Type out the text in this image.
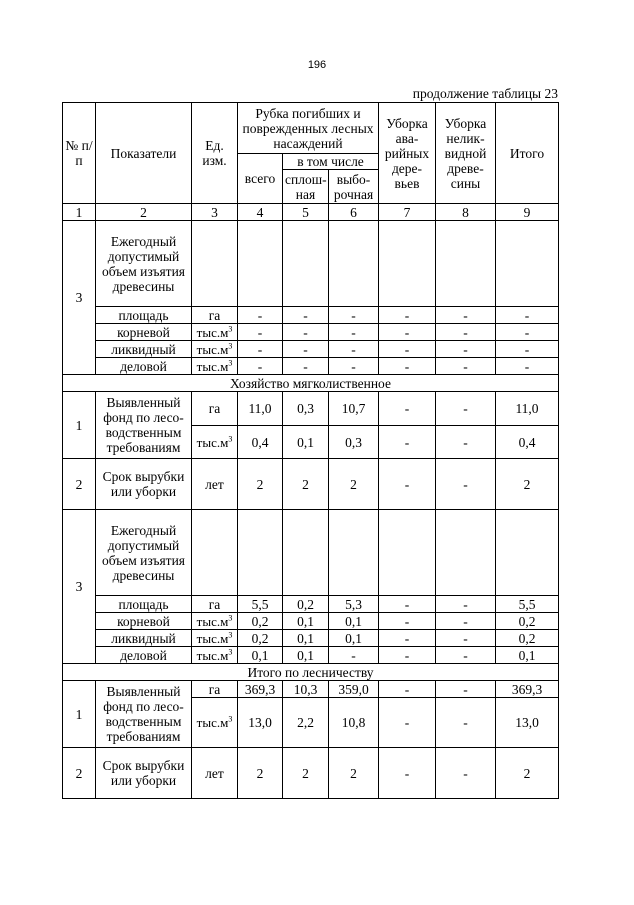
196
продолжение таблицы 23
№ п/п	Показатели	Ед. изм.	Рубка погибших и поврежденных лесных насаждений			Уборка ава-рийных дере-вьев	Уборка нелик-видной древе-сины	Итого
			всего	в том числе				
				сплош-ная	выбо-рочная			
1	2	3	4	5	6	7	8	9
3	Ежегодный допустимый объем изъятия древесины							
	площадь	га	-	-	-	-	-	-
	корневой	$тыс.м^3$	-	-	-	-	-	-
	ликвидный	$тыс.м^3$	-	-	-	-	-	-
	деловой	$тыс.м^3$	-	-	-	-	-	-
Хозяйство мягколиственное								
1	Выявленный фонд по лесо-водственным требованиям	га	11,0	0,3	10,7	-	-	11,0
		$тыс.м^3$	0,4	0,1	0,3	-	-	0,4
2	Срок вырубки или уборки	лет	2	2	2	-	-	2
3	Ежегодный допустимый объем изъятия древесины							
	площадь	га	5,5	0,2	5,3	-	-	5,5
	корневой	$тыс.м^3$	0,2	0,1	0,1	-	-	0,2
	ликвидный	$тыс.м^3$	0,2	0,1	0,1	-	-	0,2
	деловой	$тыс.м^3$	0,1	0,1	-	-	-	0,1
Итого по лесничеству								
1	Выявленный фонд по лесо-водственным требованиям	га	369,3	10,3	359,0	-	-	369,3
		$тыс.м^3$	13,0	2,2	10,8	-	-	13,0
2	Срок вырубки или уборки	лет	2	2	2	-	-	2
